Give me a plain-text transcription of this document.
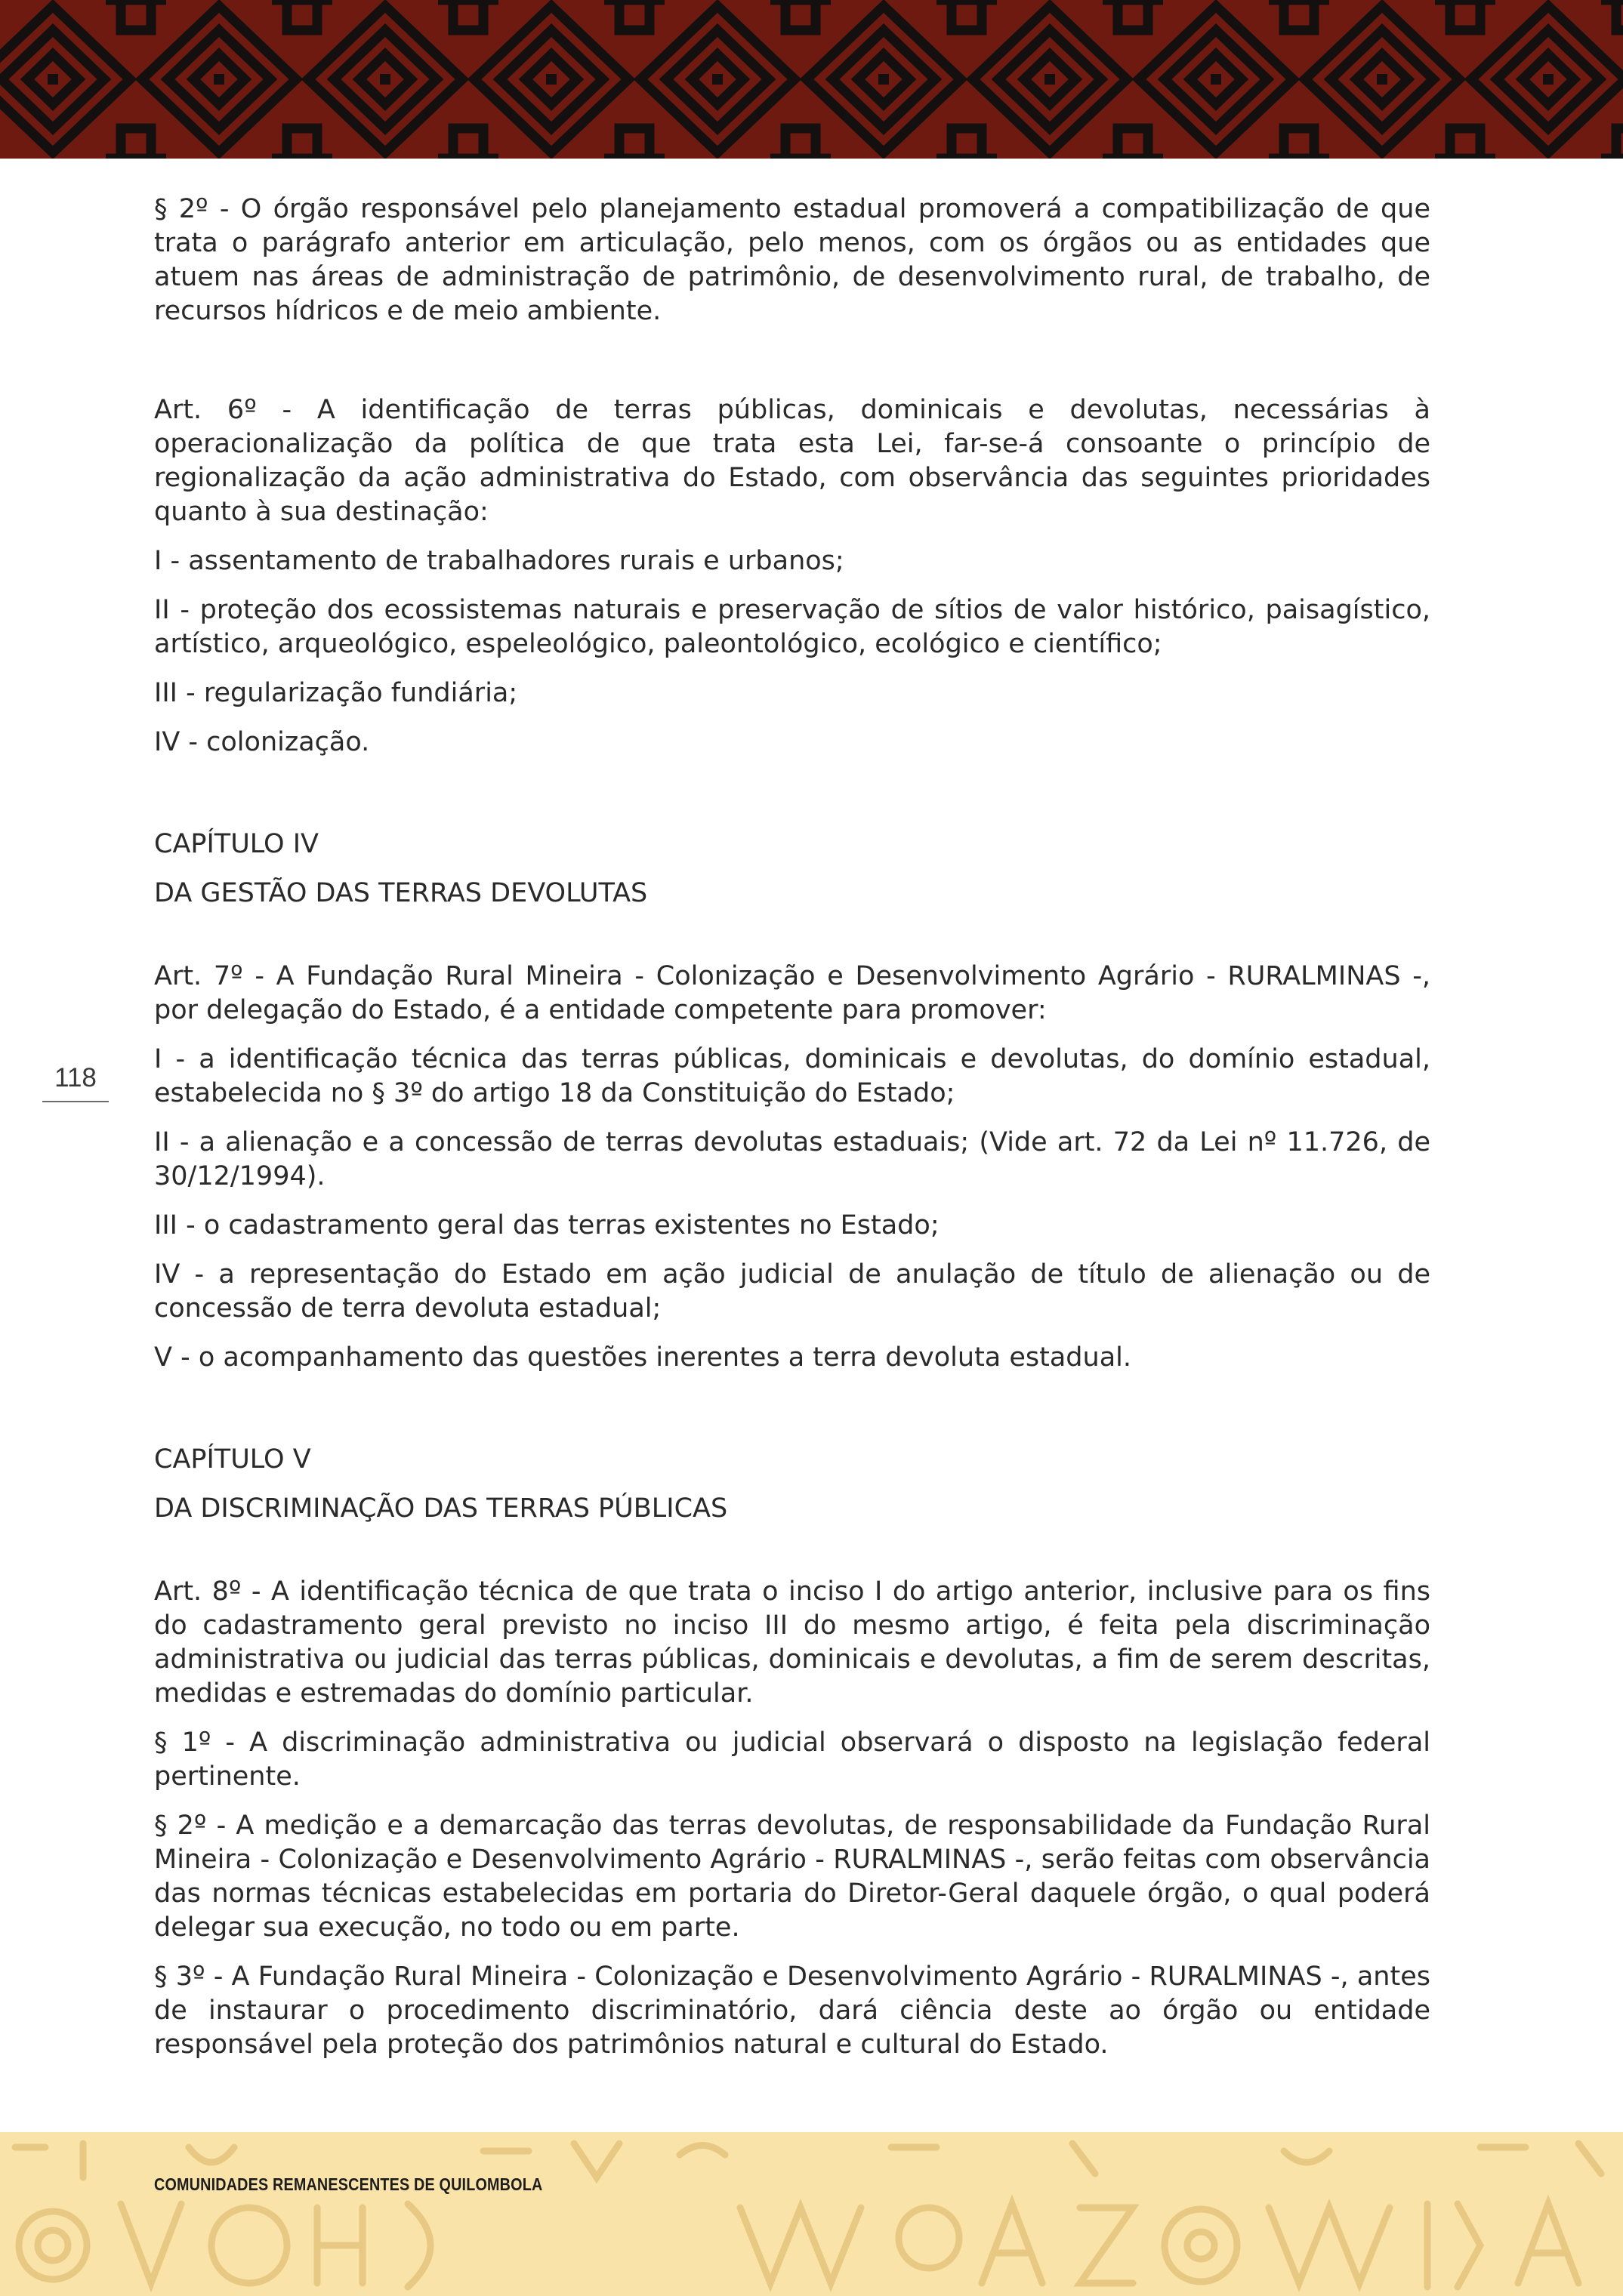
118

§ 2º - O órgão responsável pelo planejamento estadual promoverá a compatibilização de que trata o parágrafo anterior em articulação, pelo menos, com os órgãos ou as entidades que atuem nas áreas de administração de patrimônio, de desenvolvimento rural, de trabalho, de recursos hídricos e de meio ambiente.

Art. 6º - A identificação de terras públicas, dominicais e devolutas, necessárias à operacionalização da política de que trata esta Lei, far-se-á consoante o princípio de regionalização da ação administrativa do Estado, com observância das seguintes prioridades quanto à sua destinação:

I - assentamento de trabalhadores rurais e urbanos;

II - proteção dos ecossistemas naturais e preservação de sítios de valor histórico, paisagístico, artístico, arqueológico, espeleológico, paleontológico, ecológico e científico;

III - regularização fundiária;

IV - colonização.

CAPÍTULO IV

DA GESTÃO DAS TERRAS DEVOLUTAS

Art. 7º - A Fundação Rural Mineira - Colonização e Desenvolvimento Agrário - RURALMINAS -, por delegação do Estado, é a entidade competente para promover:

I - a identificação técnica das terras públicas, dominicais e devolutas, do domínio estadual, estabelecida no § 3º do artigo 18 da Constituição do Estado;

II - a alienação e a concessão de terras devolutas estaduais; (Vide art. 72 da Lei nº 11.726, de 30/12/1994).

III - o cadastramento geral das terras existentes no Estado;

IV - a representação do Estado em ação judicial de anulação de título de alienação ou de concessão de terra devoluta estadual;

V - o acompanhamento das questões inerentes a terra devoluta estadual.

CAPÍTULO V

DA DISCRIMINAÇÃO DAS TERRAS PÚBLICAS

Art. 8º - A identificação técnica de que trata o inciso I do artigo anterior, inclusive para os fins do cadastramento geral previsto no inciso III do mesmo artigo, é feita pela discriminação administrativa ou judicial das terras públicas, dominicais e devolutas, a fim de serem descritas, medidas e estremadas do domínio particular.

§ 1º - A discriminação administrativa ou judicial observará o disposto na legislação federal pertinente.

§ 2º - A medição e a demarcação das terras devolutas, de responsabilidade da Fundação Rural Mineira - Colonização e Desenvolvimento Agrário - RURALMINAS -, serão feitas com observância das normas técnicas estabelecidas em portaria do Diretor-Geral daquele órgão, o qual poderá delegar sua execução, no todo ou em parte.

§ 3º - A Fundação Rural Mineira - Colonização e Desenvolvimento Agrário - RURALMINAS -, antes de instaurar o procedimento discriminatório, dará ciência deste ao órgão ou entidade responsável pela proteção dos patrimônios natural e cultural do Estado.

COMUNIDADES REMANESCENTES DE QUILOMBOLA
